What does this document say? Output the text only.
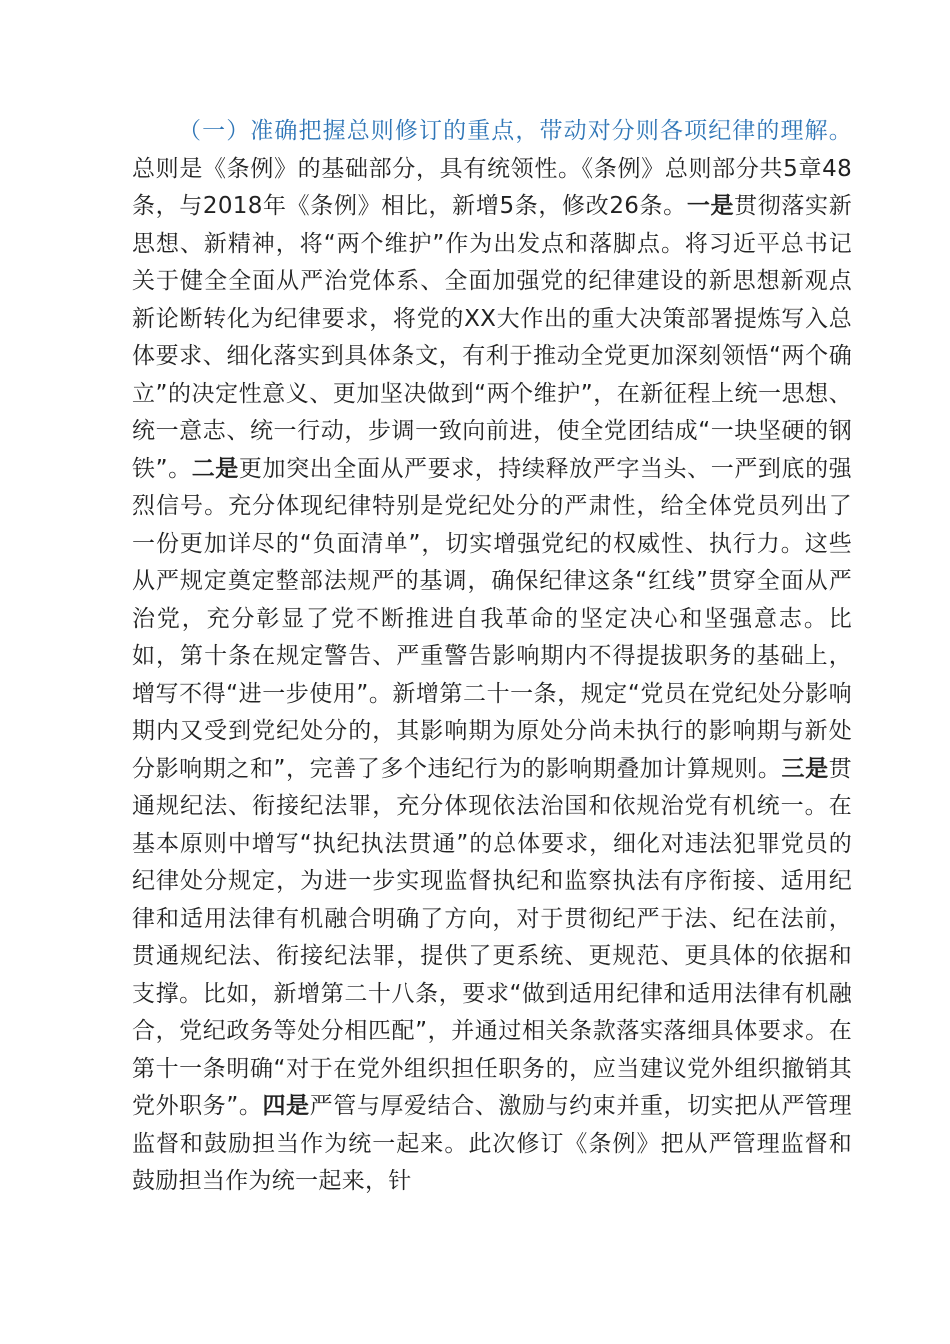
（一）准确把握总则修订的重点，带动对分则各项纪律的理解。总则是《条例》的基础部分，具有统领性。《条例》总则部分共5章48条，与2018年《条例》相比，新增5条，修改26条。一是贯彻落实新思想、新精神，将“两个维护”作为出发点和落脚点。将习近平总书记关于健全全面从严治党体系、全面加强党的纪律建设的新思想新观点新论断转化为纪律要求，将党的XX大作出的重大决策部署提炼写入总体要求、细化落实到具体条文，有利于推动全党更加深刻领悟“两个确立”的决定性意义、更加坚决做到“两个维护”，在新征程上统一思想、统一意志、统一行动，步调一致向前进，使全党团结成“一块坚硬的钢铁”。二是更加突出全面从严要求，持续释放严字当头、一严到底的强烈信号。充分体现纪律特别是党纪处分的严肃性，给全体党员列出了一份更加详尽的“负面清单”，切实增强党纪的权威性、执行力。这些从严规定奠定整部法规严的基调，确保纪律这条“红线”贯穿全面从严治党，充分彰显了党不断推进自我革命的坚定决心和坚强意志。比如，第十条在规定警告、严重警告影响期内不得提拔职务的基础上，增写不得“进一步使用”。新增第二十一条，规定“党员在党纪处分影响期内又受到党纪处分的，其影响期为原处分尚未执行的影响期与新处分影响期之和”，完善了多个违纪行为的影响期叠加计算规则。三是贯通规纪法、衔接纪法罪，充分体现依法治国和依规治党有机统一。在基本原则中增写“执纪执法贯通”的总体要求，细化对违法犯罪党员的纪律处分规定，为进一步实现监督执纪和监察执法有序衔接、适用纪律和适用法律有机融合明确了方向，对于贯彻纪严于法、纪在法前，贯通规纪法、衔接纪法罪，提供了更系统、更规范、更具体的依据和支撑。比如，新增第二十八条，要求“做到适用纪律和适用法律有机融合，党纪政务等处分相匹配”，并通过相关条款落实落细具体要求。在第十一条明确“对于在党外组织担任职务的，应当建议党外组织撤销其党外职务”。四是严管与厚爱结合、激励与约束并重，切实把从严管理监督和鼓励担当作为统一起来。此次修订《条例》把从严管理监督和鼓励担当作为统一起来，针
